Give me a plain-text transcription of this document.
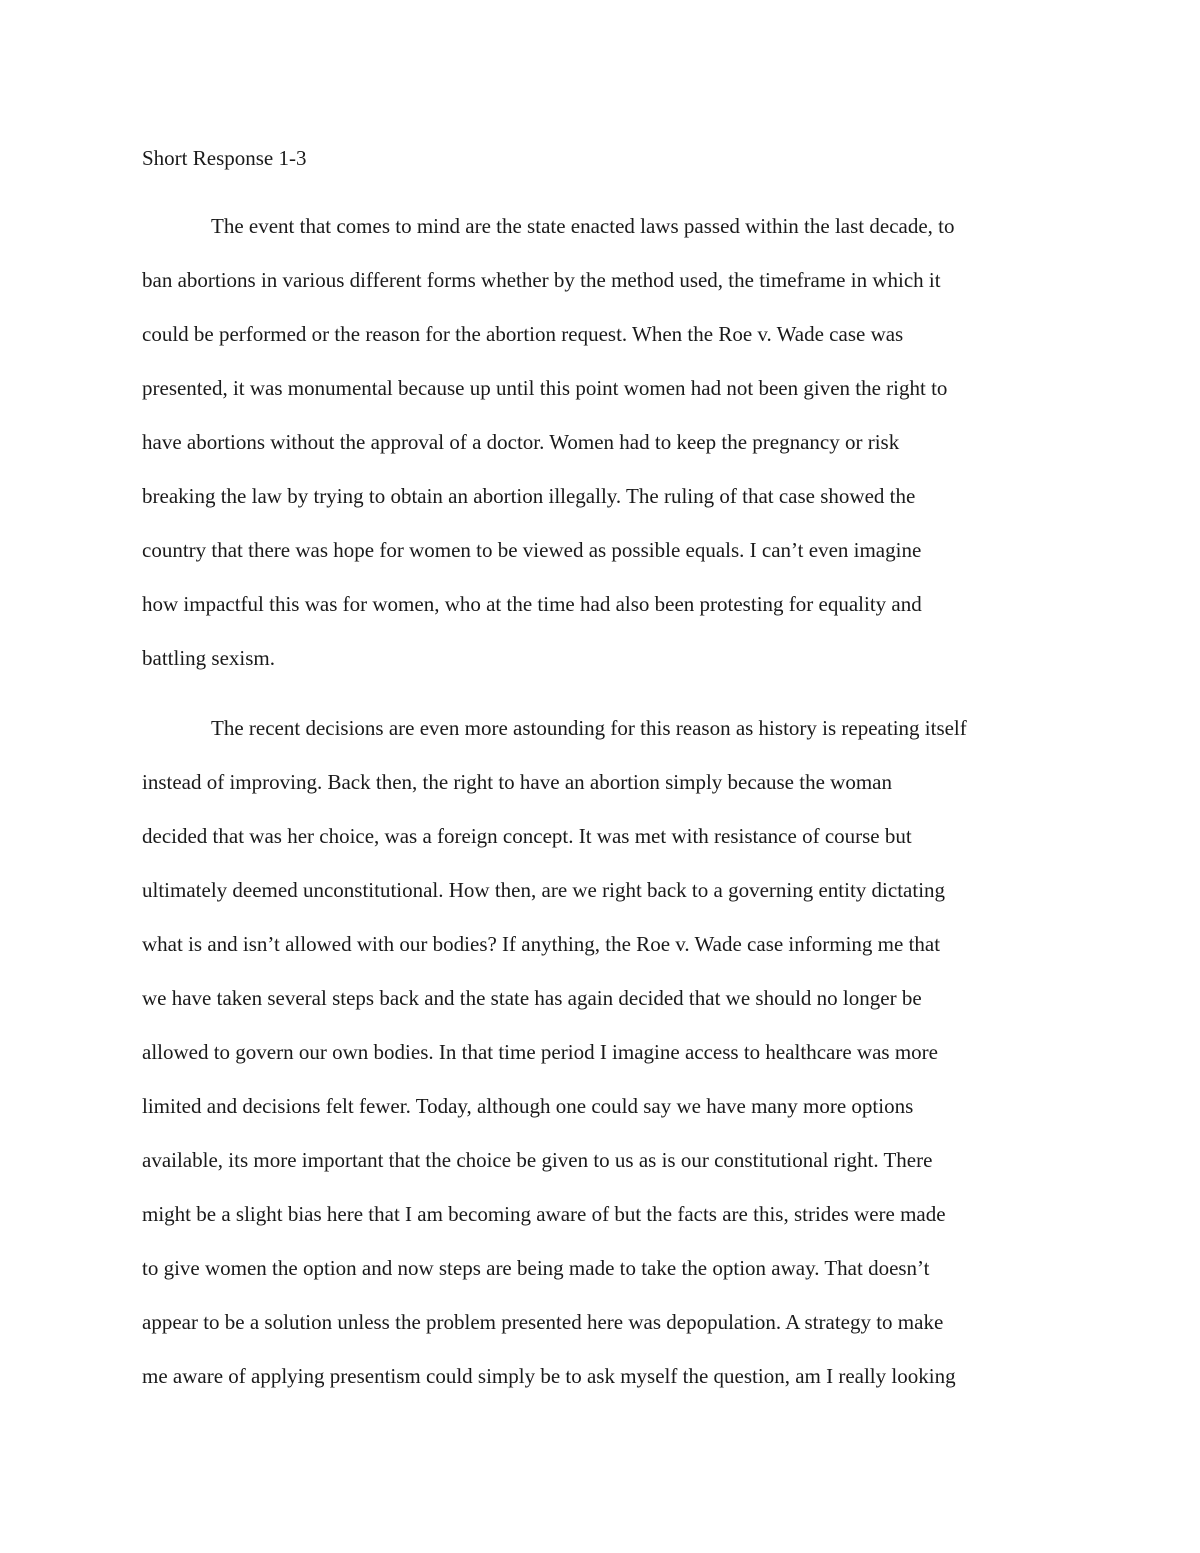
Short Response 1-3

The event that comes to mind are the state enacted laws passed within the last decade, to

ban abortions in various different forms whether by the method used, the timeframe in which it

could be performed or the reason for the abortion request. When the Roe v. Wade case was

presented, it was monumental because up until this point women had not been given the right to

have abortions without the approval of a doctor. Women had to keep the pregnancy or risk

breaking the law by trying to obtain an abortion illegally. The ruling of that case showed the

country that there was hope for women to be viewed as possible equals. I can’t even imagine

how impactful this was for women, who at the time had also been protesting for equality and

battling sexism.

The recent decisions are even more astounding for this reason as history is repeating itself

instead of improving. Back then, the right to have an abortion simply because the woman

decided that was her choice, was a foreign concept. It was met with resistance of course but

ultimately deemed unconstitutional. How then, are we right back to a governing entity dictating

what is and isn’t allowed with our bodies? If anything, the Roe v. Wade case informing me that

we have taken several steps back and the state has again decided that we should no longer be

allowed to govern our own bodies. In that time period I imagine access to healthcare was more

limited and decisions felt fewer. Today, although one could say we have many more options

available, its more important that the choice be given to us as is our constitutional right. There

might be a slight bias here that I am becoming aware of but the facts are this, strides were made

to give women the option and now steps are being made to take the option away. That doesn’t

appear to be a solution unless the problem presented here was depopulation. A strategy to make

me aware of applying presentism could simply be to ask myself the question, am I really looking
